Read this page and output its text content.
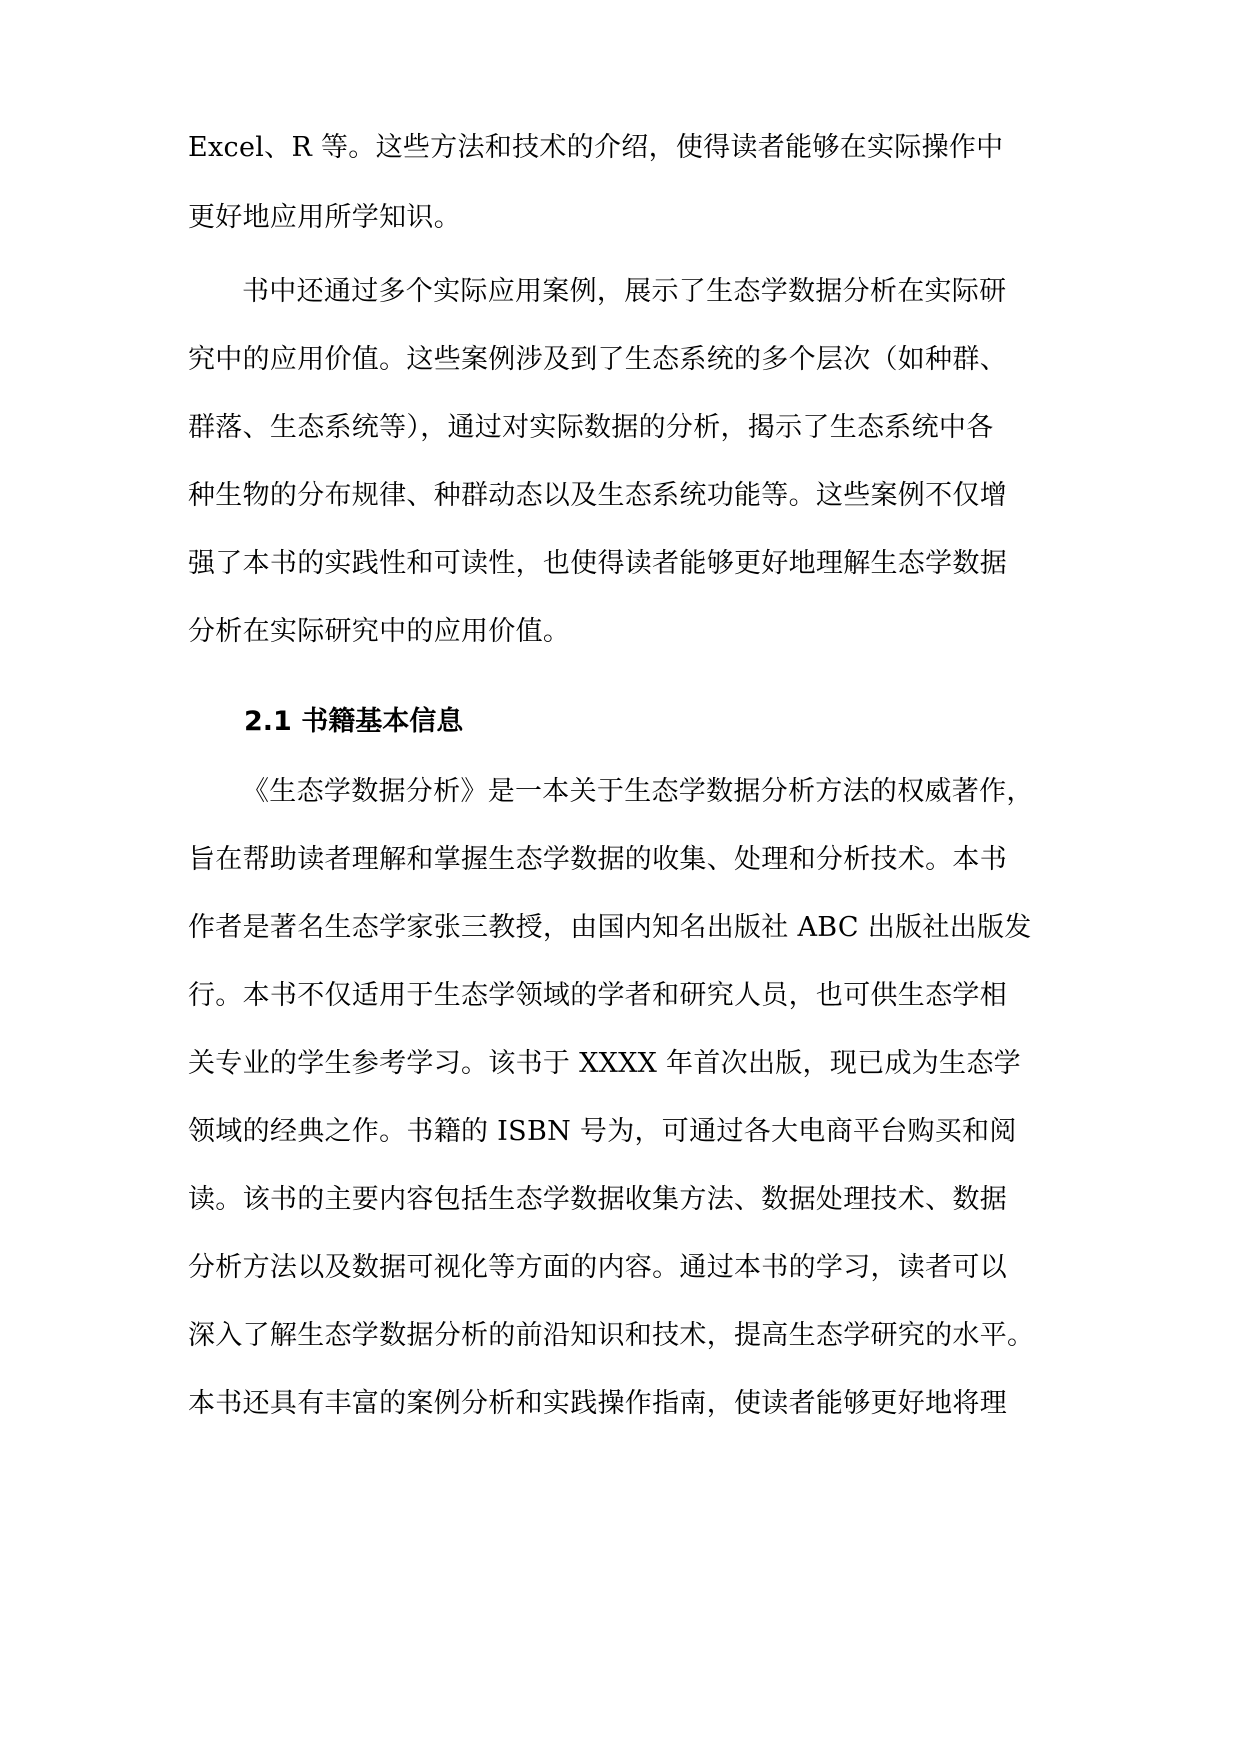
Excel、R 等。这些方法和技术的介绍，使得读者能够在实际操作中
更好地应用所学知识。
书中还通过多个实际应用案例，展示了生态学数据分析在实际研
究中的应用价值。这些案例涉及到了生态系统的多个层次（如种群、
群落、生态系统等），通过对实际数据的分析，揭示了生态系统中各
种生物的分布规律、种群动态以及生态系统功能等。这些案例不仅增
强了本书的实践性和可读性，也使得读者能够更好地理解生态学数据
分析在实际研究中的应用价值。
2.1 书籍基本信息
《生态学数据分析》是一本关于生态学数据分析方法的权威著作，
旨在帮助读者理解和掌握生态学数据的收集、处理和分析技术。本书
作者是著名生态学家张三教授，由国内知名出版社 ABC 出版社出版发
行。本书不仅适用于生态学领域的学者和研究人员，也可供生态学相
关专业的学生参考学习。该书于 XXXX 年首次出版，现已成为生态学
领域的经典之作。书籍的 ISBN 号为，可通过各大电商平台购买和阅
读。该书的主要内容包括生态学数据收集方法、数据处理技术、数据
分析方法以及数据可视化等方面的内容。通过本书的学习，读者可以
深入了解生态学数据分析的前沿知识和技术，提高生态学研究的水平。
本书还具有丰富的案例分析和实践操作指南，使读者能够更好地将理
